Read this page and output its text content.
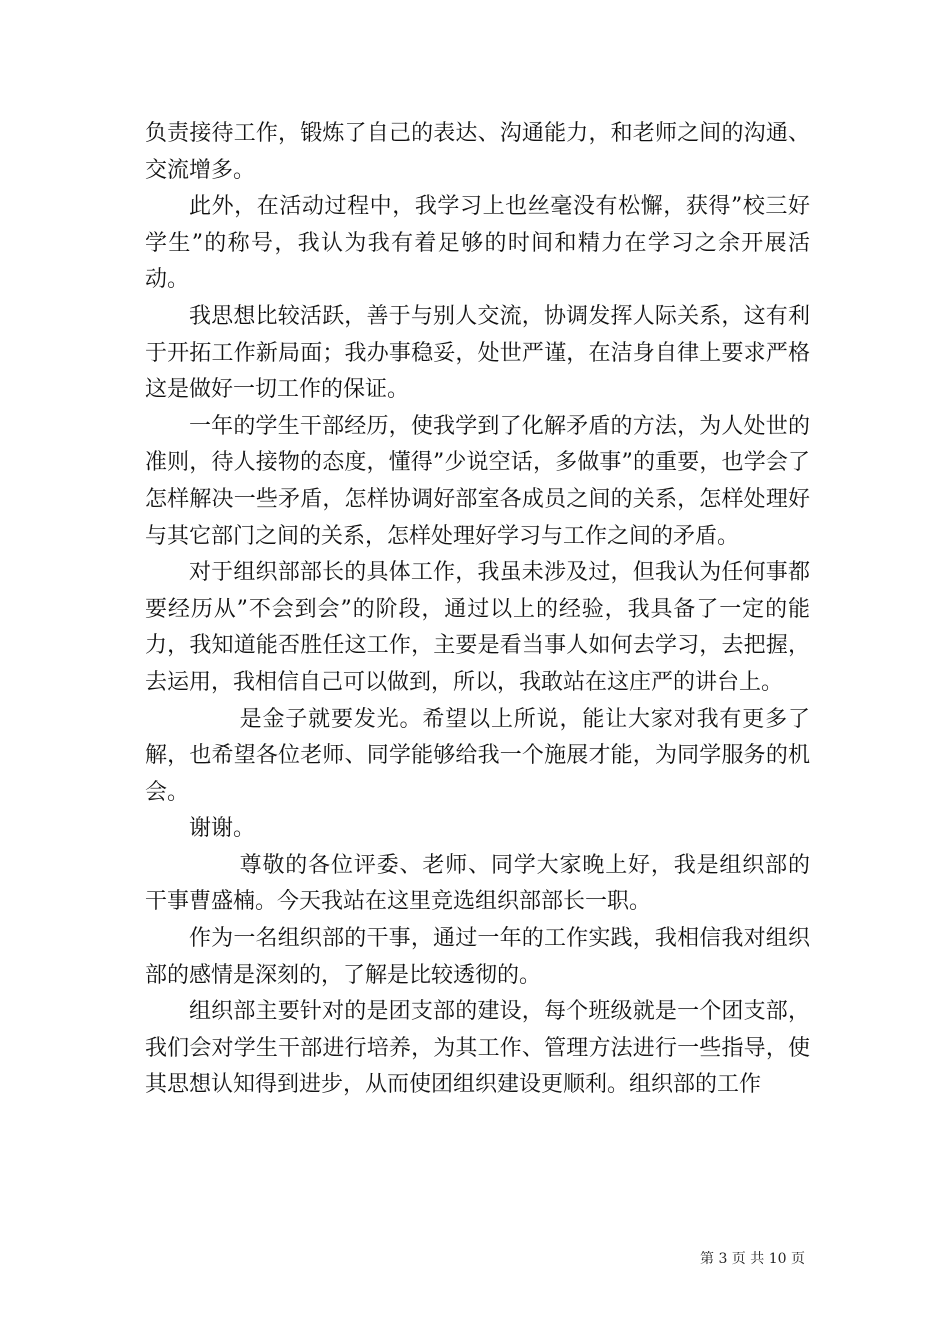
负责接待工作，锻炼了自己的表达、沟通能力，和老师之间的沟通、交流增多。

此外，在活动过程中，我学习上也丝毫没有松懈，获得”校三好学生”的称号，我认为我有着足够的时间和精力在学习之余开展活动。

我思想比较活跃，善于与别人交流，协调发挥人际关系，这有利于开拓工作新局面；我办事稳妥，处世严谨，在洁身自律上要求严格这是做好一切工作的保证。

一年的学生干部经历，使我学到了化解矛盾的方法，为人处世的准则，待人接物的态度，懂得”少说空话，多做事”的重要，也学会了怎样解决一些矛盾，怎样协调好部室各成员之间的关系，怎样处理好与其它部门之间的关系，怎样处理好学习与工作之间的矛盾。

对于组织部部长的具体工作，我虽未涉及过，但我认为任何事都要经历从”不会到会”的阶段，通过以上的经验，我具备了一定的能力，我知道能否胜任这工作，主要是看当事人如何去学习，去把握，去运用，我相信自己可以做到，所以，我敢站在这庄严的讲台上。

是金子就要发光。希望以上所说，能让大家对我有更多了解，也希望各位老师、同学能够给我一个施展才能，为同学服务的机会。

谢谢。

尊敬的各位评委、老师、同学大家晚上好，我是组织部的干事曹盛楠。今天我站在这里竞选组织部部长一职。

作为一名组织部的干事，通过一年的工作实践，我相信我对组织部的感情是深刻的，了解是比较透彻的。

组织部主要针对的是团支部的建设，每个班级就是一个团支部，我们会对学生干部进行培养，为其工作、管理方法进行一些指导，使其思想认知得到进步，从而使团组织建设更顺利。组织部的工作

第 3 页 共 10 页
